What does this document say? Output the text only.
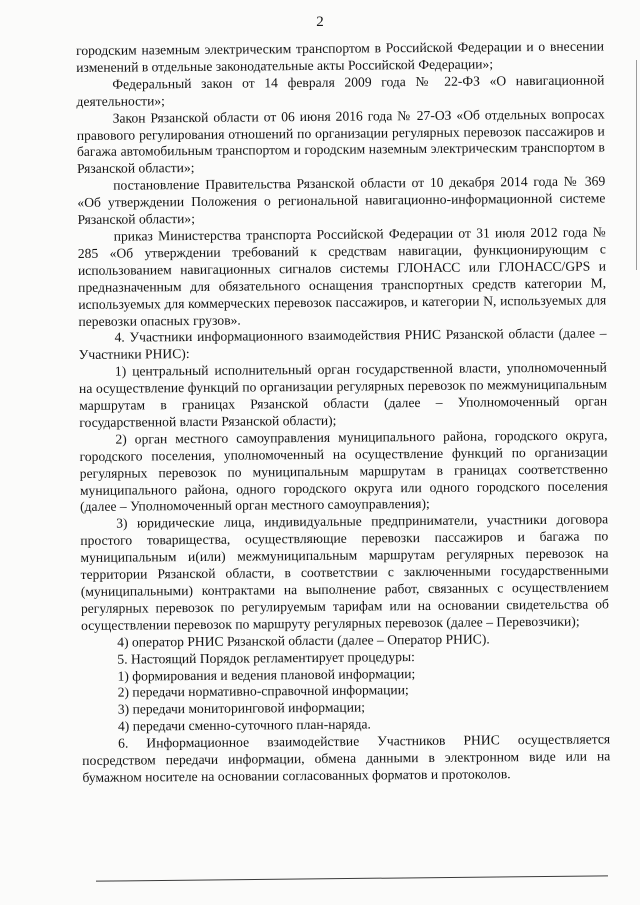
2

городским наземным электрическим транспортом в Российской Федерации и о внесении изменений в отдельные законодательные акты Российской Федерации»;

Федеральный закон от 14 февраля 2009 года № 22-ФЗ «О навигационной деятельности»;

Закон Рязанской области от 06 июня 2016 года № 27-ОЗ «Об отдельных вопросах правового регулирования отношений по организации регулярных перевозок пассажиров и багажа автомобильным транспортом и городским наземным электрическим транспортом в Рязанской области»;

постановление Правительства Рязанской области от 10 декабря 2014 года № 369 «Об утверждении Положения о региональной навигационно-информационной системе Рязанской области»;

приказ Министерства транспорта Российской Федерации от 31 июля 2012 года № 285 «Об утверждении требований к средствам навигации, функционирующим с использованием навигационных сигналов системы ГЛОНАСС или ГЛОНАСС/GPS и предназначенным для обязательного оснащения транспортных средств категории М, используемых для коммерческих перевозок пассажиров, и категории N, используемых для перевозки опасных грузов».

4. Участники информационного взаимодействия РНИС Рязанской области (далее – Участники РНИС):

1) центральный исполнительный орган государственной власти, уполномоченный на осуществление функций по организации регулярных перевозок по межмуниципальным маршрутам в границах Рязанской области (далее – Уполномоченный орган государственной власти Рязанской области);

2) орган местного самоуправления муниципального района, городского округа, городского поселения, уполномоченный на осуществление функций по организации регулярных перевозок по муниципальным маршрутам в границах соответственно муниципального района, одного городского округа или одного городского поселения (далее – Уполномоченный орган местного самоуправления);

3) юридические лица, индивидуальные предприниматели, участники договора простого товарищества, осуществляющие перевозки пассажиров и багажа по муниципальным и(или) межмуниципальным маршрутам регулярных перевозок на территории Рязанской области, в соответствии с заключенными государственными (муниципальными) контрактами на выполнение работ, связанных с осуществлением регулярных перевозок по регулируемым тарифам или на основании свидетельства об осуществлении перевозок по маршруту регулярных перевозок (далее – Перевозчики);

4) оператор РНИС Рязанской области (далее – Оператор РНИС).

5. Настоящий Порядок регламентирует процедуры:

1) формирования и ведения плановой информации;

2) передачи нормативно-справочной информации;

3) передачи мониторинговой информации;

4) передачи сменно-суточного план-наряда.

6. Информационное взаимодействие Участников РНИС осуществляется посредством передачи информации, обмена данными в электронном виде или на бумажном носителе на основании согласованных форматов и протоколов.
